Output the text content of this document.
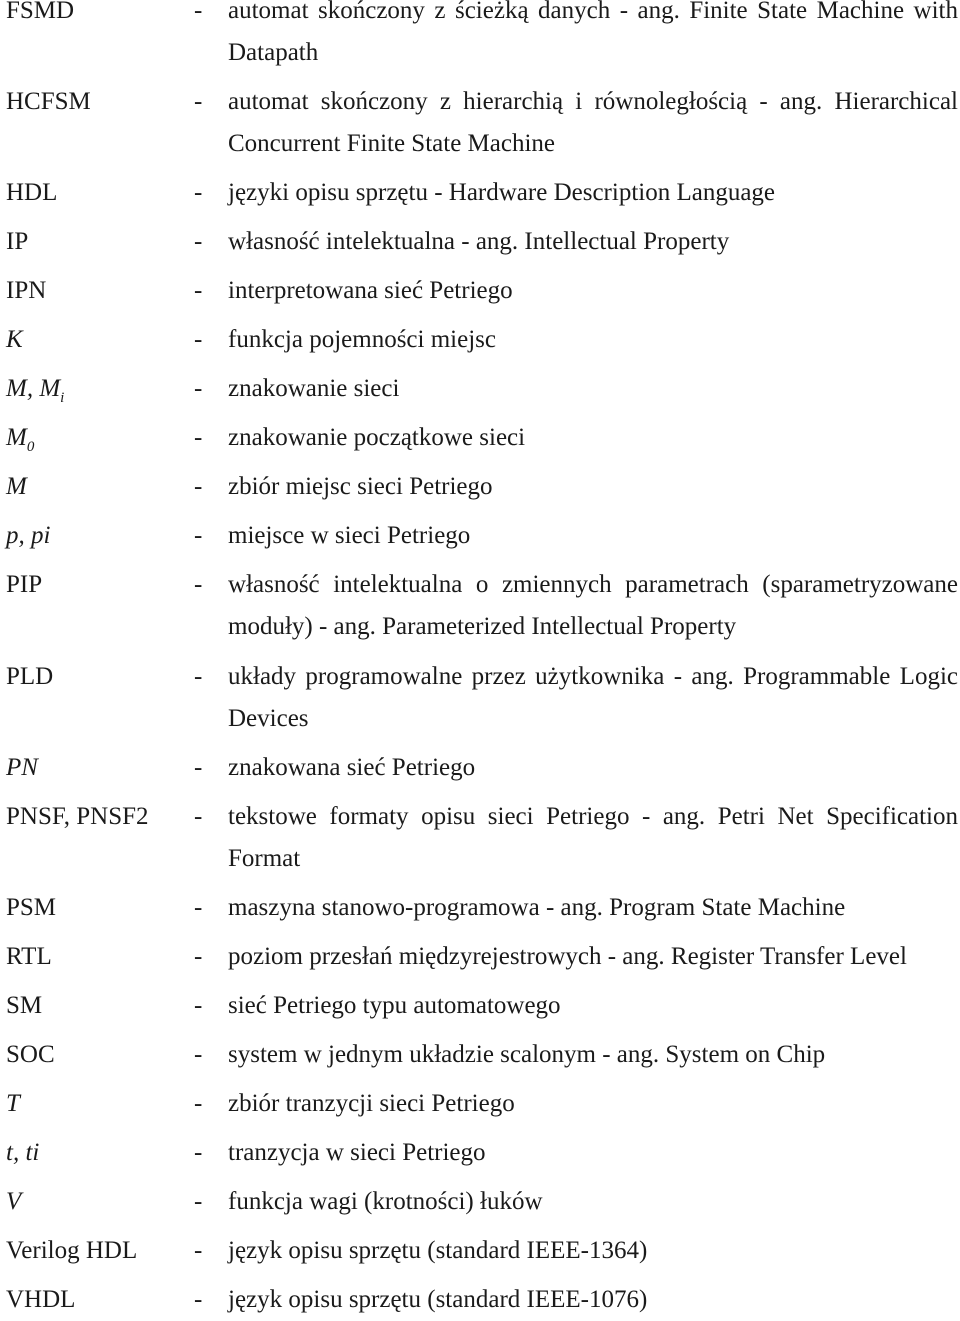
FSMD	- automat skończony z ścieżką danych - ang. Finite State Machine with Datapath
HCFSM	- automat skończony z hierarchią i równoległością - ang. Hierarchical Concurrent Finite State Machine
HDL	- języki opisu sprzętu - Hardware Description Language
IP	- własność intelektualna - ang. Intellectual Property
IPN	- interpretowana sieć Petriego
K	- funkcja pojemności miejsc
M, $M_i$	- znakowanie sieci
$M_0$	- znakowanie początkowe sieci
M	- zbiór miejsc sieci Petriego
p, pi	- miejsce w sieci Petriego
PIP	- własność intelektualna o zmiennych parametrach (sparametryzowane moduły) - ang. Parameterized Intellectual Property
PLD	- układy programowalne przez użytkownika - ang. Programmable Logic Devices
PN	- znakowana sieć Petriego
PNSF, PNSF2 - tekstowe formaty opisu sieci Petriego - ang. Petri Net Specification Format
PSM	- maszyna stanowo-programowa - ang. Program State Machine
RTL	- poziom przesłań międzyrejestrowych - ang. Register Transfer Level
SM	- sieć Petriego typu automatowego
SOC	- system w jednym układzie scalonym - ang. System on Chip
T	- zbiór tranzycji sieci Petriego
t, ti	- tranzycja w sieci Petriego
V	- funkcja wagi (krotności) łuków
Verilog HDL - język opisu sprzętu (standard IEEE-1364)
VHDL	- język opisu sprzętu (standard IEEE-1076)
